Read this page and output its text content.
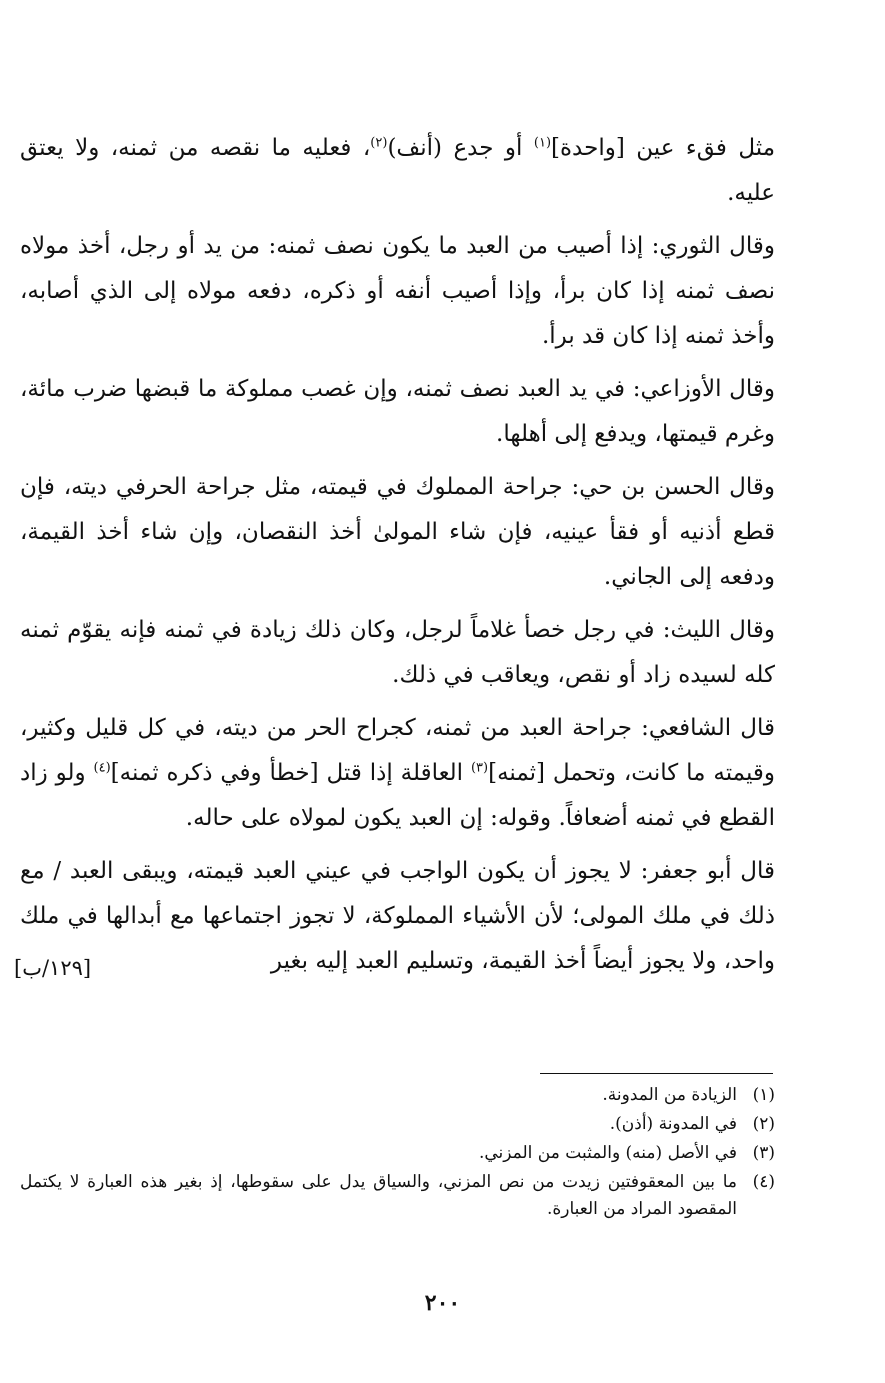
مثل فقء عين [واحدة]$^{(١)}$ أو جدع (أنف)$^{(٢)}$، فعليه ما نقصه من ثمنه، ولا يعتق عليه.

وقال الثوري: إذا أصيب من العبد ما يكون نصف ثمنه: من يد أو رجل، أخذ مولاه نصف ثمنه إذا كان برأ، وإذا أصيب أنفه أو ذكره، دفعه مولاه إلى الذي أصابه، وأخذ ثمنه إذا كان قد برأ.

وقال الأوزاعي: في يد العبد نصف ثمنه، وإن غصب مملوكة ما قبضها ضرب مائة، وغرم قيمتها، ويدفع إلى أهلها.

وقال الحسن بن حي: جراحة المملوك في قيمته، مثل جراحة الحرفي ديته، فإن قطع أذنيه أو فقأ عينيه، فإن شاء المولىٰ أخذ النقصان، وإن شاء أخذ القيمة، ودفعه إلى الجاني.

وقال الليث: في رجل خصأ غلاماً لرجل، وكان ذلك زيادة في ثمنه فإنه يقوّم ثمنه كله لسيده زاد أو نقص، ويعاقب في ذلك.

قال الشافعي: جراحة العبد من ثمنه، كجراح الحر من ديته، في كل قليل وكثير، وقيمته ما كانت، وتحمل [ثمنه]$^{(٣)}$ العاقلة إذا قتل [خطأ وفي ذكره ثمنه]$^{(٤)}$ ولو زاد القطع في ثمنه أضعافاً. وقوله: إن العبد يكون لمولاه على حاله.

قال أبو جعفر: لا يجوز أن يكون الواجب في عيني العبد قيمته، ويبقى العبد / مع ذلك في ملك المولى؛ لأن الأشياء المملوكة، لا تجوز اجتماعها مع أبدالها في ملك واحد، ولا يجوز أيضاً أخذ القيمة، وتسليم العبد إليه بغير

(١)
الزيادة من المدونة.
(٢)
في المدونة (أذن).
(٣)
في الأصل (منه) والمثبت من المزني.
(٤)
ما بين المعقوفتين زيدت من نص المزني، والسياق يدل على سقوطها، إذ بغير هذه العبارة لا يكتمل المقصود المراد من العبارة.
٢٠٠
[١٢٩/ب]
